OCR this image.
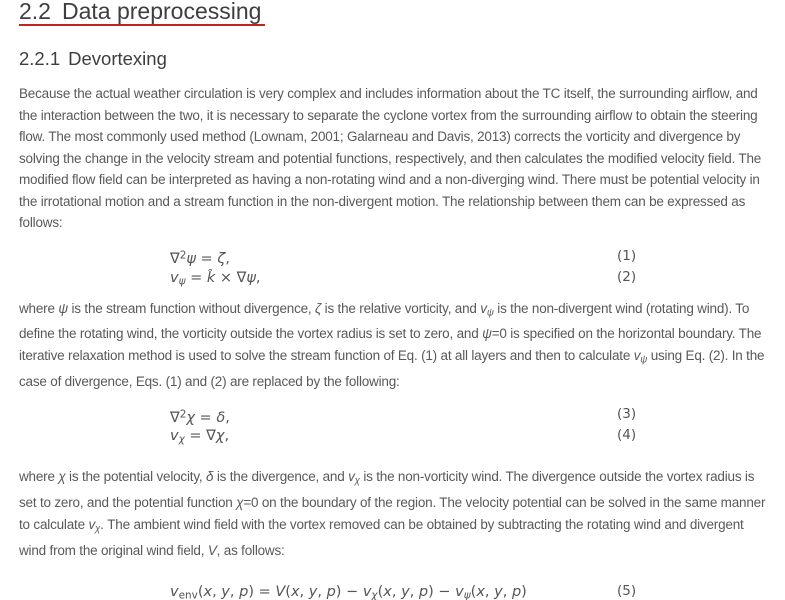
2.2 Data preprocessing
2.2.1 Devortexing

Because the actual weather circulation is very complex and includes information about the TC itself, the surrounding airflow, and the interaction between the two, it is necessary to separate the cyclone vortex from the surrounding airflow to obtain the steering flow. The most commonly used method (Lownam, 2001; Galarneau and Davis, 2013) corrects the vorticity and divergence by solving the change in the velocity stream and potential functions, respectively, and then calculates the modified velocity field. The modified flow field can be interpreted as having a non-rotating wind and a non-diverging wind. There must be potential velocity in the irrotational motion and a stream function in the non-divergent motion. The relationship between them can be expressed as follows:

∇$^2$ψ = ζ,	(1)
vψ = k̂ × ∇ψ,	(2)

where ψ is the stream function without divergence, ζ is the relative vorticity, and vψ is the non-divergent wind (rotating wind). To define the rotating wind, the vorticity outside the vortex radius is set to zero, and ψ=0 is specified on the horizontal boundary. The iterative relaxation method is used to solve the stream function of Eq. (1) at all layers and then to calculate vψ using Eq. (2). In the case of divergence, Eqs. (1) and (2) are replaced by the following:

∇$^2$χ = δ,	(3)
vχ = ∇χ,	(4)

where χ is the potential velocity, δ is the divergence, and vχ is the non-vorticity wind. The divergence outside the vortex radius is set to zero, and the potential function χ=0 on the boundary of the region. The velocity potential can be solved in the same manner to calculate vχ. The ambient wind field with the vortex removed can be obtained by subtracting the rotating wind and divergent wind from the original wind field, V, as follows:

venv(x, y, p) = V(x, y, p) − vχ(x, y, p) − vψ(x, y, p)	(5)
